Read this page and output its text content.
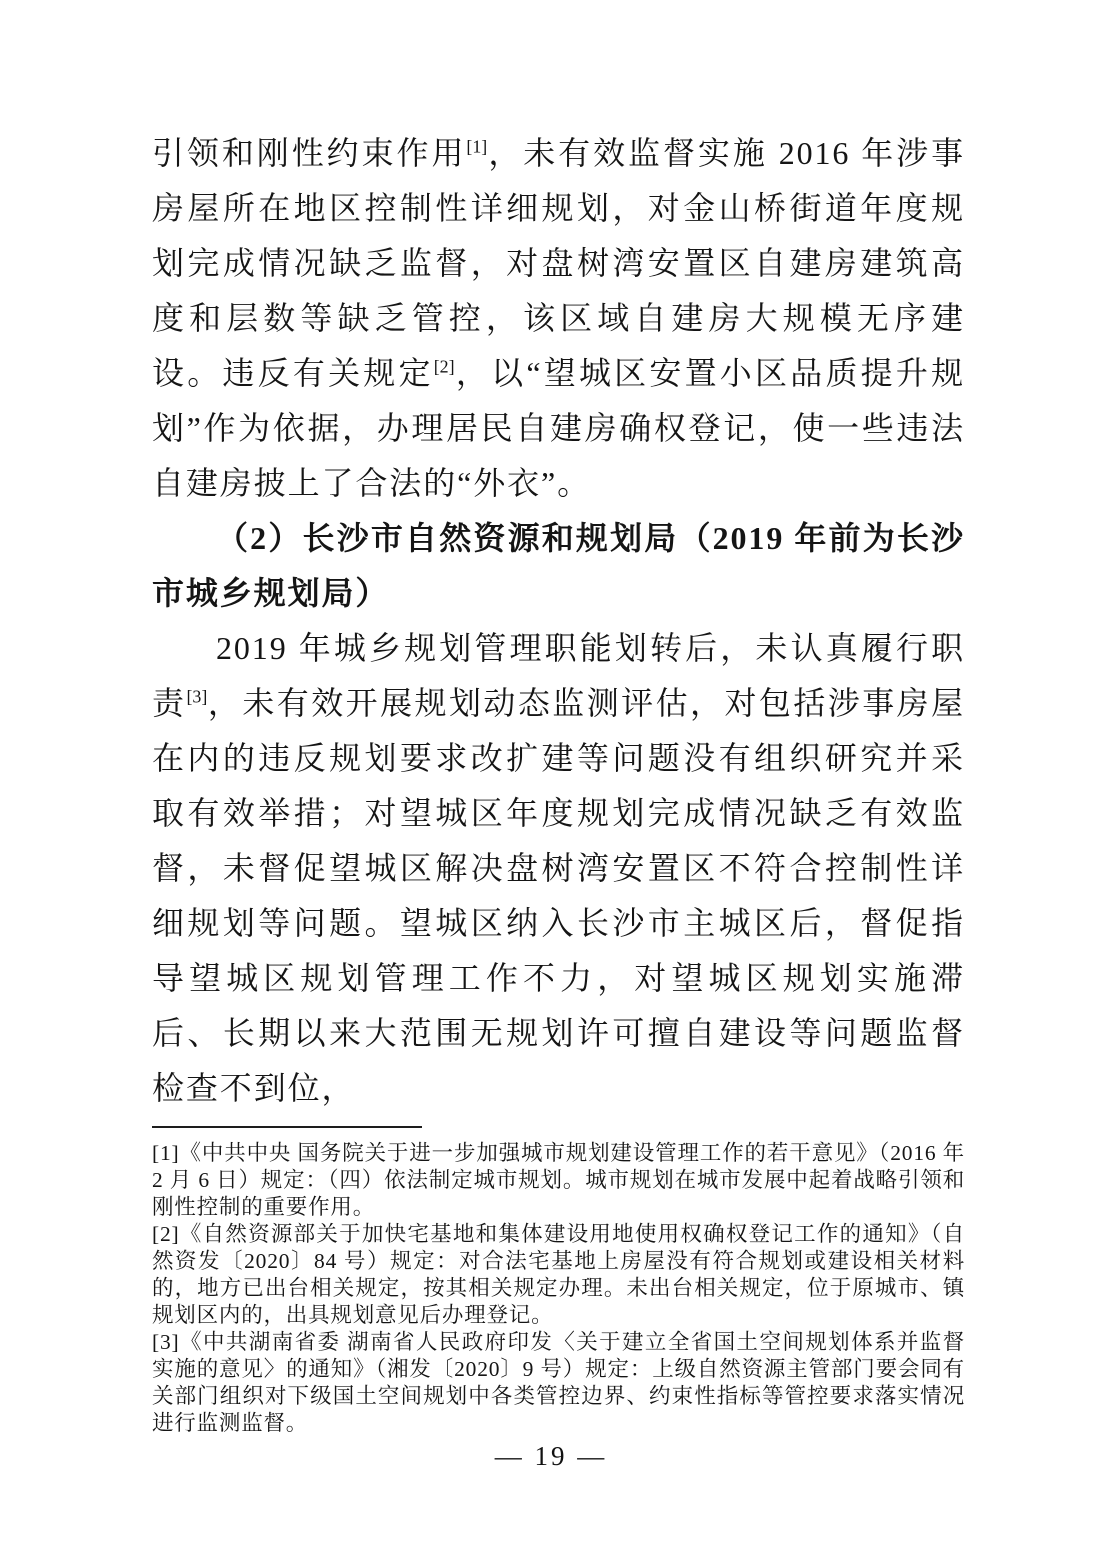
引领和刚性约束作用[1]，未有效监督实施 2016 年涉事房屋所在地区控制性详细规划，对金山桥街道年度规划完成情况缺乏监督，对盘树湾安置区自建房建筑高度和层数等缺乏管控，该区域自建房大规模无序建设。违反有关规定[2]，以“望城区安置小区品质提升规划”作为依据，办理居民自建房确权登记，使一些违法自建房披上了合法的“外衣”。

（2）长沙市自然资源和规划局（2019 年前为长沙市城乡规划局）

2019 年城乡规划管理职能划转后，未认真履行职责[3]，未有效开展规划动态监测评估，对包括涉事房屋在内的违反规划要求改扩建等问题没有组织研究并采取有效举措；对望城区年度规划完成情况缺乏有效监督，未督促望城区解决盘树湾安置区不符合控制性详细规划等问题。望城区纳入长沙市主城区后，督促指导望城区规划管理工作不力，对望城区规划实施滞后、长期以来大范围无规划许可擅自建设等问题监督检查不到位，

[1]《中共中央 国务院关于进一步加强城市规划建设管理工作的若干意见》（2016 年 2 月 6 日）规定：（四）依法制定城市规划。城市规划在城市发展中起着战略引领和刚性控制的重要作用。

[2]《自然资源部关于加快宅基地和集体建设用地使用权确权登记工作的通知》（自然资发〔2020〕84 号）规定：对合法宅基地上房屋没有符合规划或建设相关材料的，地方已出台相关规定，按其相关规定办理。未出台相关规定，位于原城市、镇规划区内的，出具规划意见后办理登记。

[3]《中共湖南省委 湖南省人民政府印发〈关于建立全省国土空间规划体系并监督实施的意见〉的通知》（湘发〔2020〕9 号）规定：上级自然资源主管部门要会同有关部门组织对下级国土空间规划中各类管控边界、约束性指标等管控要求落实情况进行监测监督。

— 19 —
